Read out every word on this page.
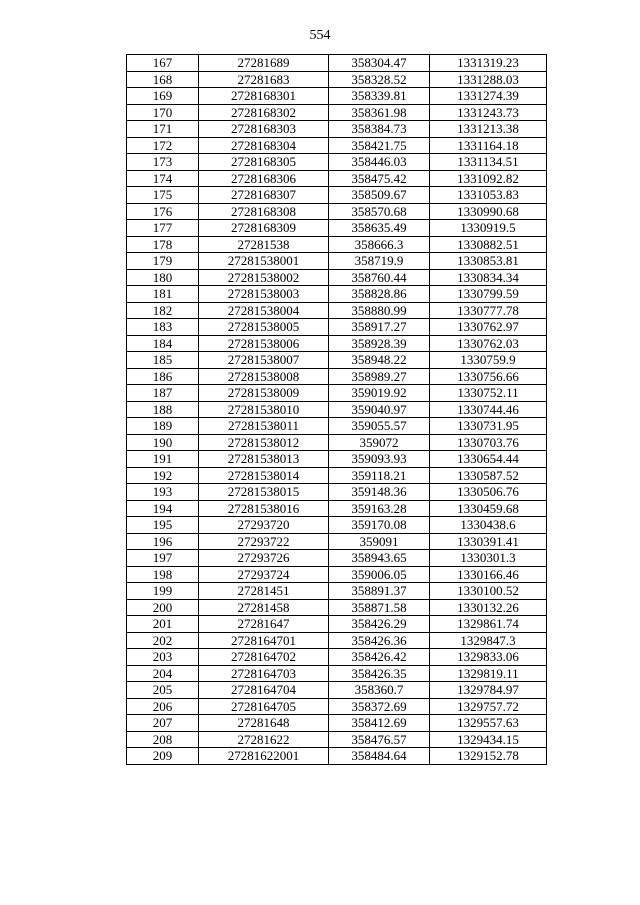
554
167	27281689	358304.47	1331319.23
168	27281683	358328.52	1331288.03
169	2728168301	358339.81	1331274.39
170	2728168302	358361.98	1331243.73
171	2728168303	358384.73	1331213.38
172	2728168304	358421.75	1331164.18
173	2728168305	358446.03	1331134.51
174	2728168306	358475.42	1331092.82
175	2728168307	358509.67	1331053.83
176	2728168308	358570.68	1330990.68
177	2728168309	358635.49	1330919.5
178	27281538	358666.3	1330882.51
179	27281538001	358719.9	1330853.81
180	27281538002	358760.44	1330834.34
181	27281538003	358828.86	1330799.59
182	27281538004	358880.99	1330777.78
183	27281538005	358917.27	1330762.97
184	27281538006	358928.39	1330762.03
185	27281538007	358948.22	1330759.9
186	27281538008	358989.27	1330756.66
187	27281538009	359019.92	1330752.11
188	27281538010	359040.97	1330744.46
189	27281538011	359055.57	1330731.95
190	27281538012	359072	1330703.76
191	27281538013	359093.93	1330654.44
192	27281538014	359118.21	1330587.52
193	27281538015	359148.36	1330506.76
194	27281538016	359163.28	1330459.68
195	27293720	359170.08	1330438.6
196	27293722	359091	1330391.41
197	27293726	358943.65	1330301.3
198	27293724	359006.05	1330166.46
199	27281451	358891.37	1330100.52
200	27281458	358871.58	1330132.26
201	27281647	358426.29	1329861.74
202	2728164701	358426.36	1329847.3
203	2728164702	358426.42	1329833.06
204	2728164703	358426.35	1329819.11
205	2728164704	358360.7	1329784.97
206	2728164705	358372.69	1329757.72
207	27281648	358412.69	1329557.63
208	27281622	358476.57	1329434.15
209	27281622001	358484.64	1329152.78
